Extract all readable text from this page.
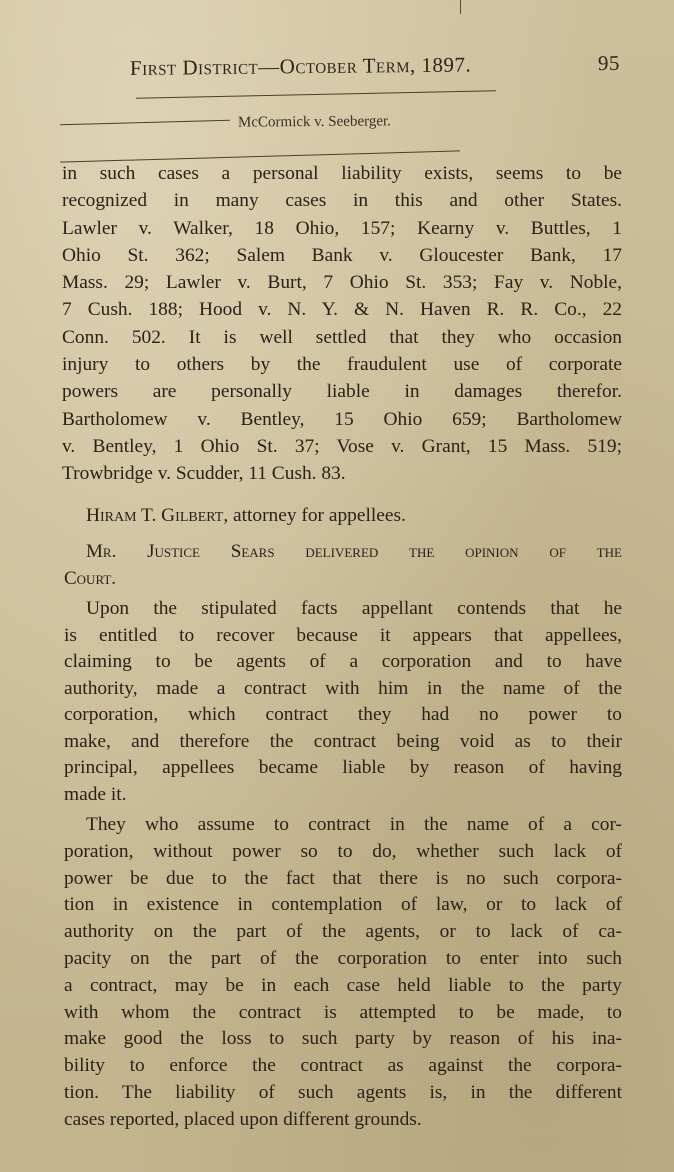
First District—October Term, 1897.	95
McCormick v. Seeberger.
in such cases a personal liability exists, seems to be
recognized in many cases in this and other States.
Lawler v. Walker, 18 Ohio, 157; Kearny v. Buttles, 1
Ohio St. 362; Salem Bank v. Gloucester Bank, 17
Mass. 29; Lawler v. Burt, 7 Ohio St. 353; Fay v. Noble,
7 Cush. 188; Hood v. N. Y. & N. Haven R. R. Co., 22
Conn. 502. It is well settled that they who occasion
injury to others by the fraudulent use of corporate
powers are personally liable in damages therefor.
Bartholomew v. Bentley, 15 Ohio 659; Bartholomew
v. Bentley, 1 Ohio St. 37; Vose v. Grant, 15 Mass. 519;
Trowbridge v. Scudder, 11 Cush. 83.
Hiram T. Gilbert, attorney for appellees.
Mr. Justice Sears delivered the opinion of the
Court.
Upon the stipulated facts appellant contends that he
is entitled to recover because it appears that appellees,
claiming to be agents of a corporation and to have
authority, made a contract with him in the name of the
corporation, which contract they had no power to
make, and therefore the contract being void as to their
principal, appellees became liable by reason of having
made it.
They who assume to contract in the name of a cor-
poration, without power so to do, whether such lack of
power be due to the fact that there is no such corpora-
tion in existence in contemplation of law, or to lack of
authority on the part of the agents, or to lack of ca-
pacity on the part of the corporation to enter into such
a contract, may be in each case held liable to the party
with whom the contract is attempted to be made, to
make good the loss to such party by reason of his ina-
bility to enforce the contract as against the corpora-
tion. The liability of such agents is, in the different
cases reported, placed upon different grounds.
